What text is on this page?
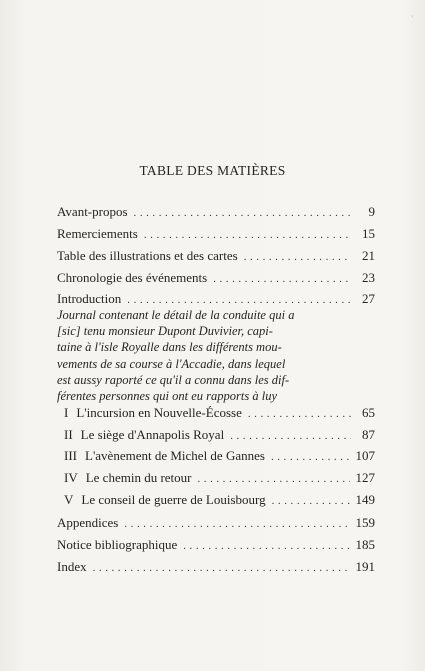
'
TABLE DES MATIÈRES
Avant-propos . . .	9
Remerciements . . .	15
Table des illustrations et des cartes . . .	21
Chronologie des événements . . .	23
Introduction . . .	27
Journal contenant le détail de la conduite qui a
[sic] tenu monsieur Dupont Duvivier, capi-
taine à l'isle Royalle dans les différents mou-
vements de sa course à l'Accadie, dans lequel
est aussy raporté ce qu'il a connu dans les dif-
férentes personnes qui ont eu rapports à luy
I L'incursion en Nouvelle-Écosse . . .	65
II Le siège d'Annapolis Royal . . .	87
III L'avènement de Michel de Gannes . . .	107
IV Le chemin du retour . . .	127
V Le conseil de guerre de Louisbourg . . .	149
Appendices . . .	159
Notice bibliographique . . .	185
Index . . .	191
